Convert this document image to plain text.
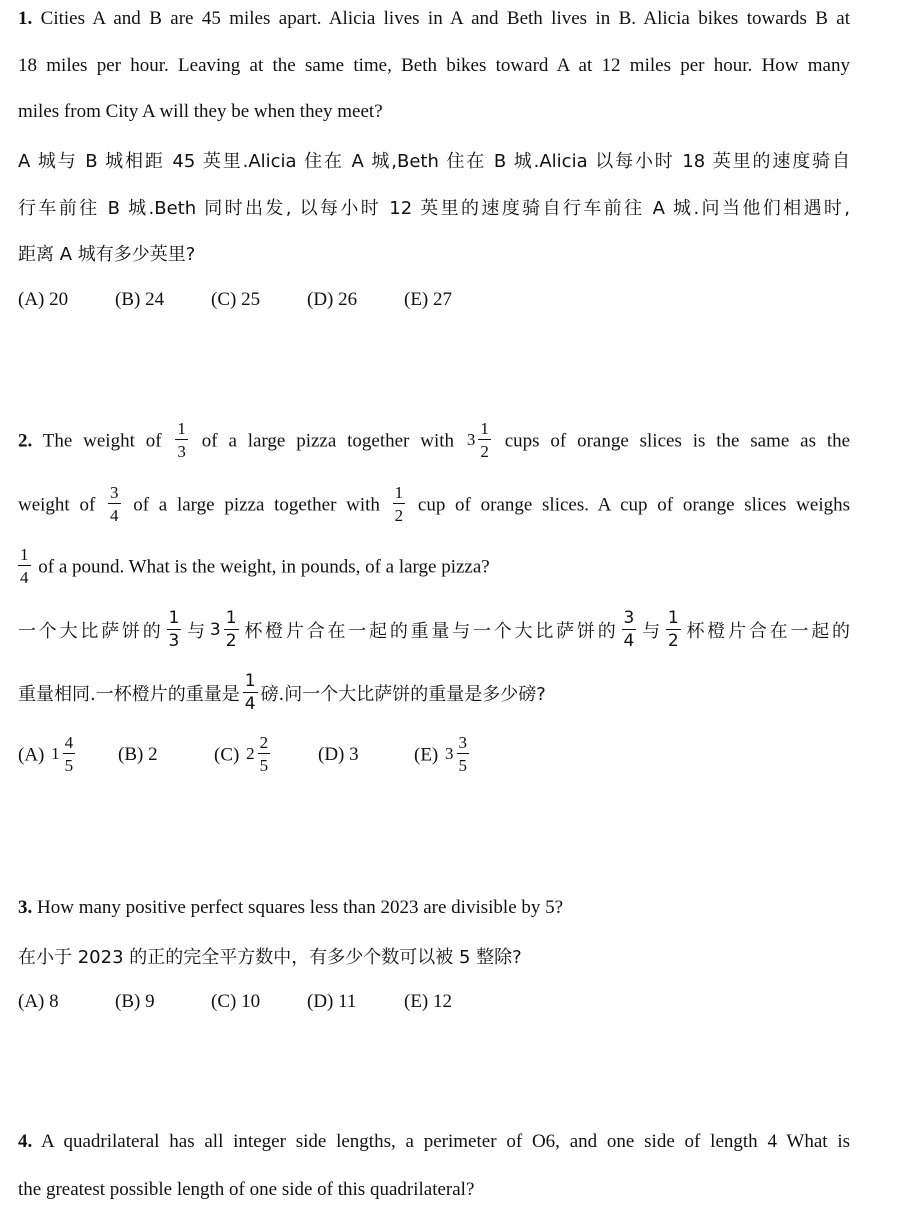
1. Cities A and B are 45 miles apart. Alicia lives in A and Beth lives in B. Alicia bikes towards B at
18 miles per hour. Leaving at the same time, Beth bikes toward A at 12 miles per hour. How many
miles from City A will they be when they meet?
A 城与 B 城相距 45 英里.Alicia 住在 A 城,Beth 住在 B 城.Alicia 以每小时 18 英里的速度骑自
行车前往 B 城.Beth 同时出发, 以每小时 12 英里的速度骑自行车前往 A 城.问当他们相遇时,
距离 A 城有多少英里?
(A) 20 (B) 24 (C) 25 (D) 26 (E) 27
2. The weight of $\frac{1}{3}$ of a large pizza together with $3 \frac{1}{2}$ cups of orange slices is the same as the
weight of $\frac{3}{4}$ of a large pizza together with $\frac{1}{2}$ cup of orange slices. A cup of orange slices weighs
$\frac{1}{4}$ of a pound. What is the weight, in pounds, of a large pizza?
一个大比萨饼的 $\frac{1}{3}$ 与 $3 \frac{1}{2}$ 杯橙片合在一起的重量与一个大比萨饼的 $\frac{3}{4}$ 与 $\frac{1}{2}$ 杯橙片合在一起的
重量相同.一杯橙片的重量是 $\frac{1}{4}$ 磅.问一个大比萨饼的重量是多少磅?
(A) $1 \frac{4}{5} (B)$ 2	(C) $2 \frac{2}{5}$	(D) 3	(E) $3 \frac{3}{5}$
3. How many positive perfect squares less than 2023 are divisible by 5?
在小于 2023 的正的完全平方数中，有多少个数可以被 5 整除?
(A) 8	(B) 9	(C) 10 (D) 11	(E) 12
4. A quadrilateral has all integer side lengths, a perimeter of O6, and one side of length 4 What is
the greatest possible length of one side of this quadrilateral?
